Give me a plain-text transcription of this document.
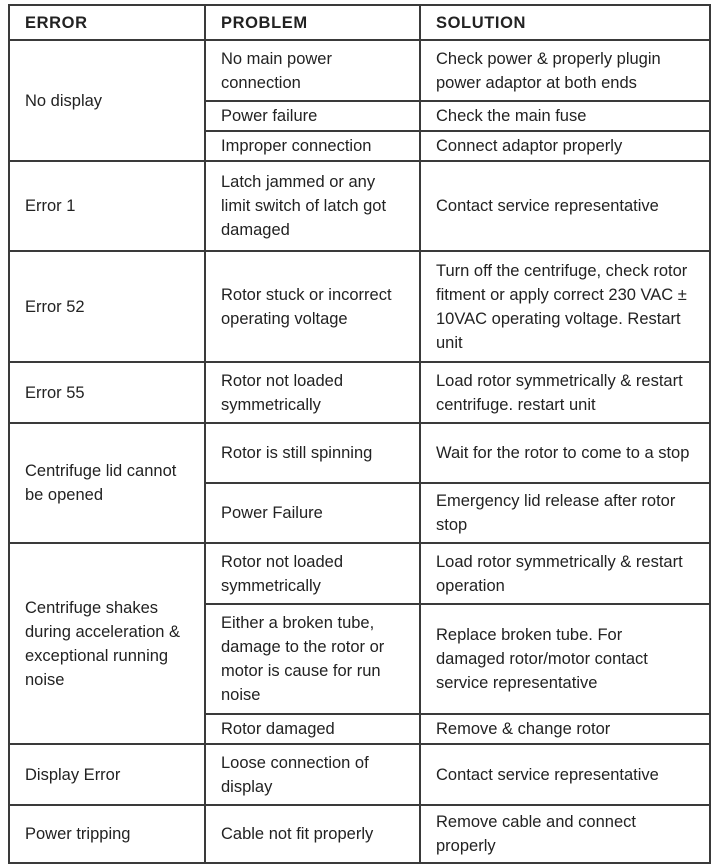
ERROR	PROBLEM	SOLUTION
No display	No main power connection	Check power & properly plugin power adaptor at both ends
	Power failure	Check the main fuse
	Improper connection	Connect adaptor properly
Error 1	Latch jammed or any limit switch of latch got damaged	Contact service representative
Error 52	Rotor stuck or incorrect operating voltage	Turn off the centrifuge, check rotor fitment or apply correct 230 VAC ± 10VAC operating voltage. Restart unit
Error 55	Rotor not loaded symmetrically	Load rotor symmetrically & restart centrifuge. restart unit
Centrifuge lid cannot be opened	Rotor is still spinning	Wait for the rotor to come to a stop
	Power Failure	Emergency lid release after rotor stop
Centrifuge shakes during acceleration & exceptional running noise	Rotor not loaded symmetrically	Load rotor symmetrically & restart operation
	Either a broken tube, damage to the rotor or motor is cause for run noise	Replace broken tube. For damaged rotor/motor contact service representative
	Rotor damaged	Remove & change rotor
Display Error	Loose connection of display	Contact service representative
Power tripping	Cable not fit properly	Remove cable and connect properly
